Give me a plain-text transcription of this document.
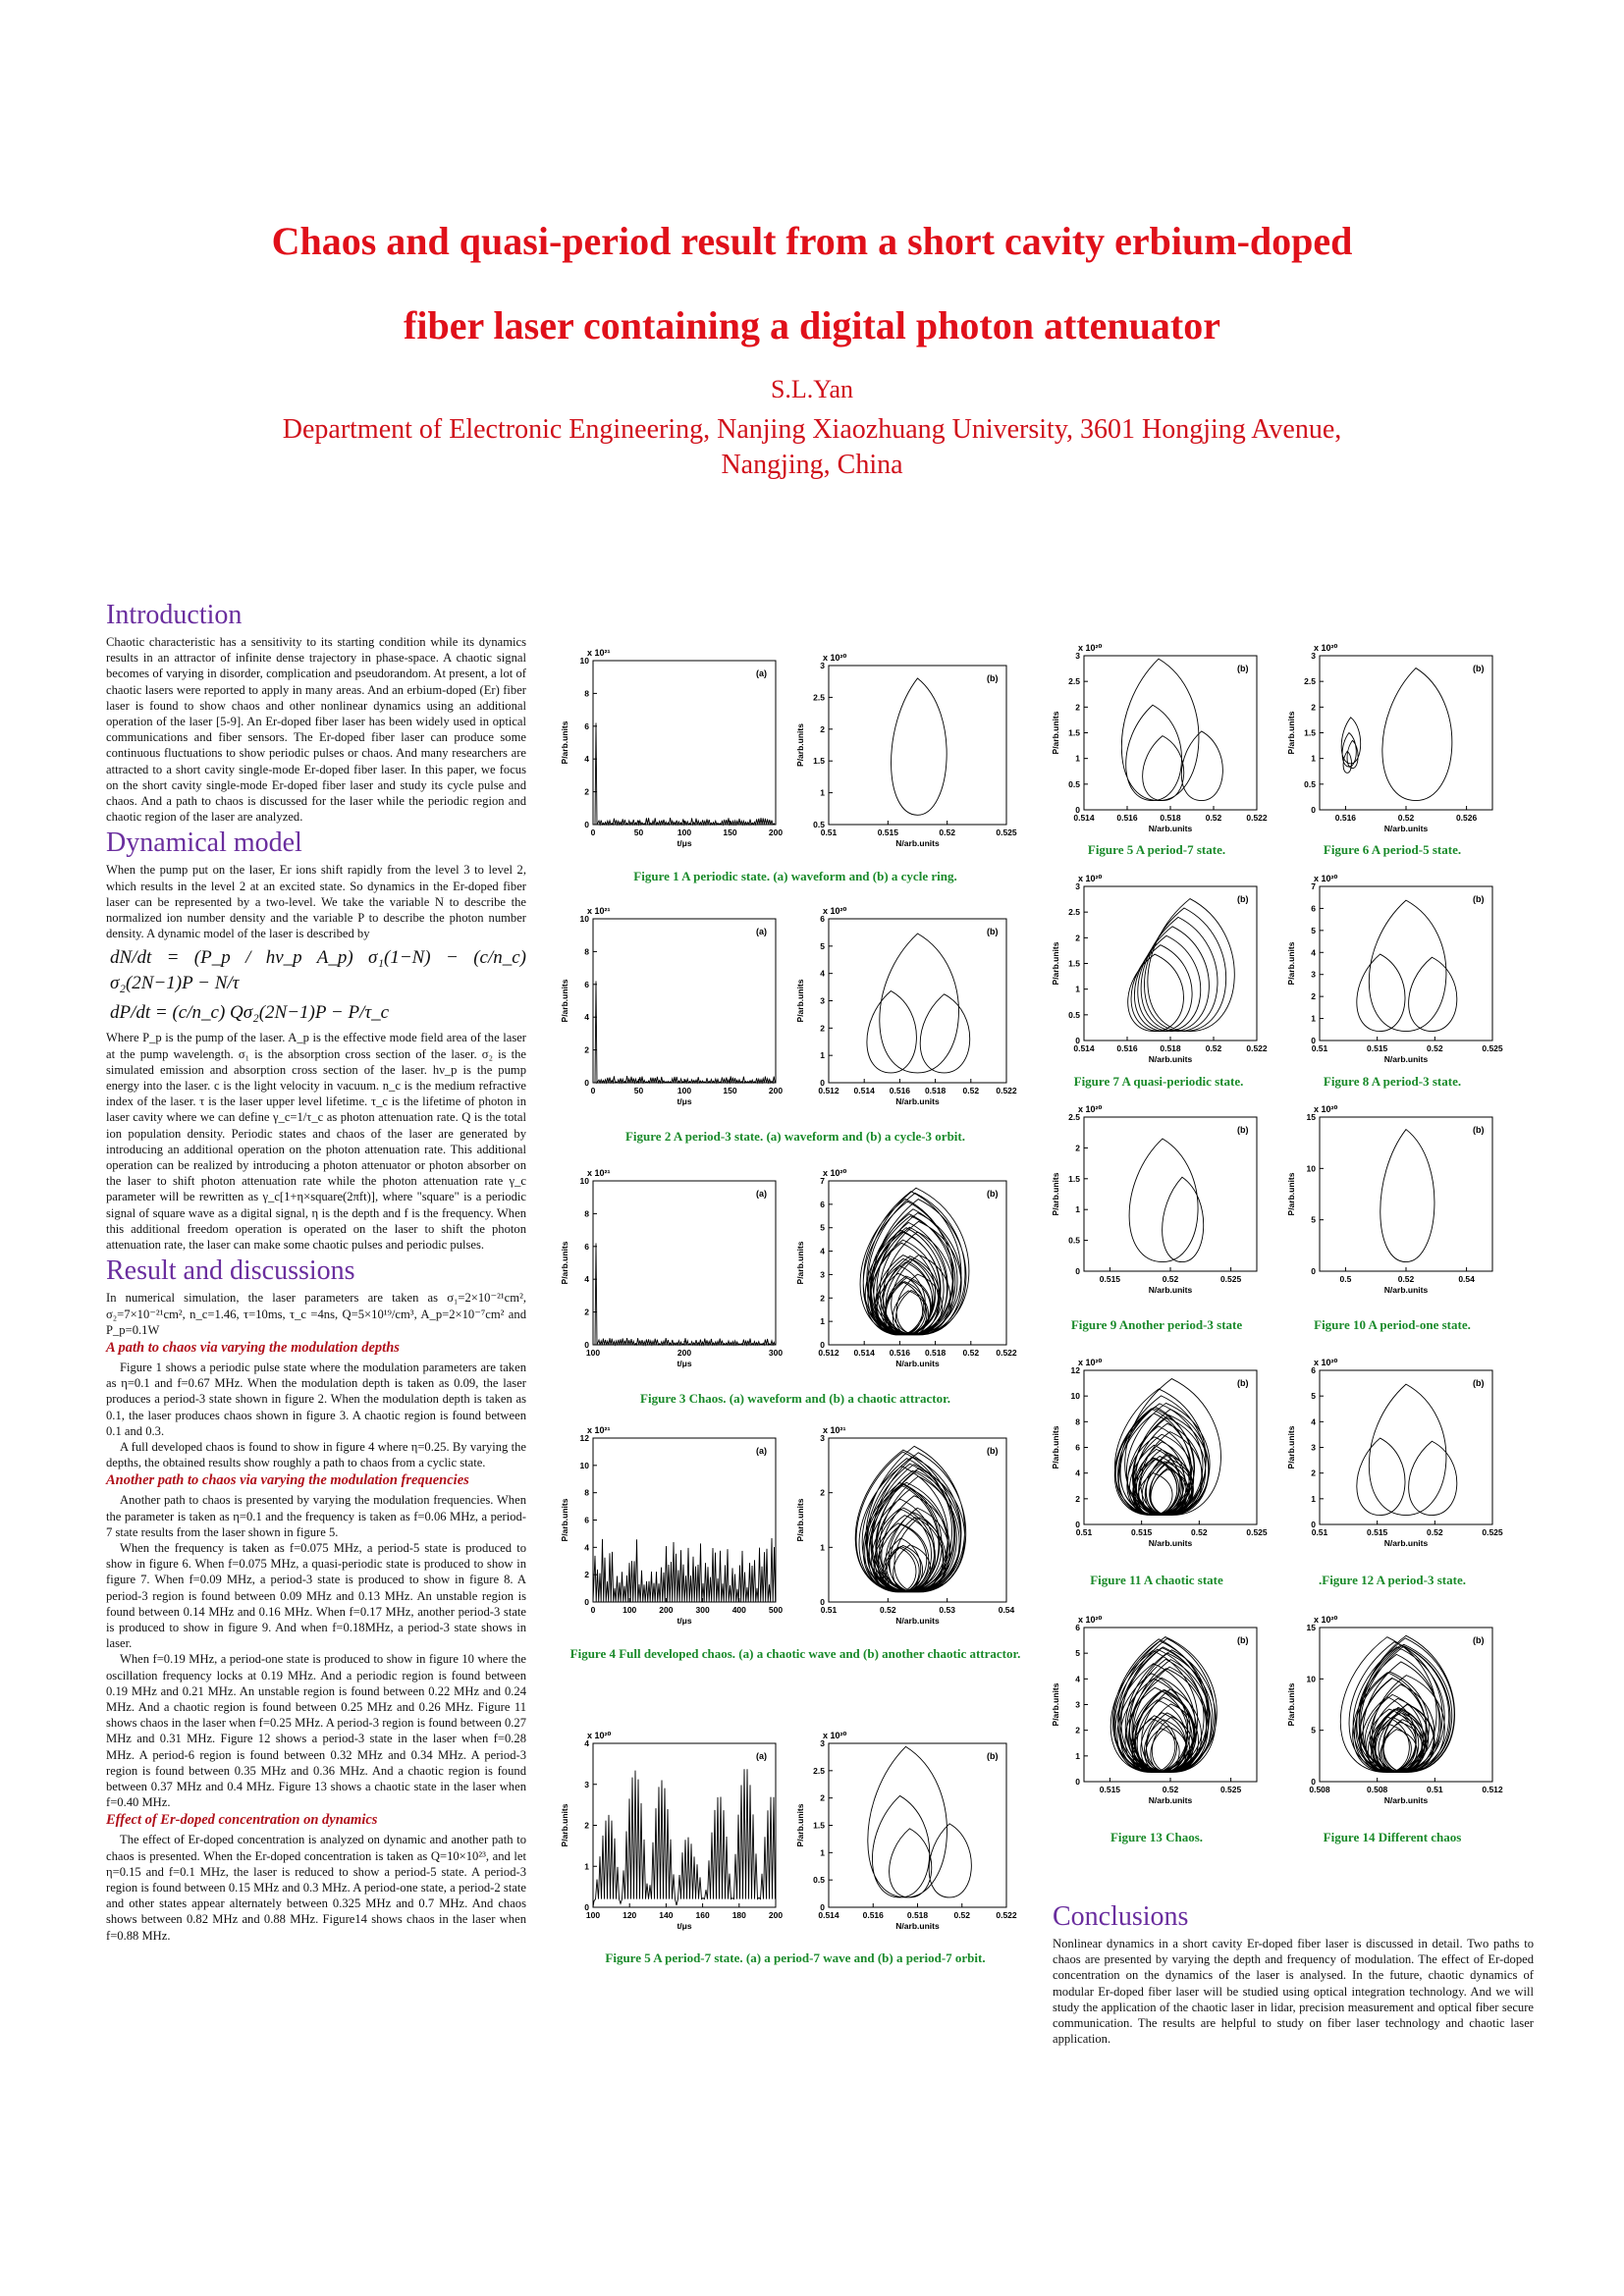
Chaos and quasi-period result from a short cavity erbium-doped
fiber laser containing a digital photon attenuator
S.L.Yan
Department of Electronic Engineering, Nanjing Xiaozhuang University, 3601 Hongjing Avenue, Nangjing, China
Introduction

Chaotic characteristic has a sensitivity to its starting condition while its dynamics results in an attractor of infinite dense trajectory in phase-space. A chaotic signal becomes of varying in disorder, complication and pseudorandom. At present, a lot of chaotic lasers were reported to apply in many areas. And an erbium-doped (Er) fiber laser is found to show chaos and other nonlinear dynamics using an additional operation of the laser [5-9]. An Er-doped fiber laser has been widely used in optical communications and fiber sensors. The Er-doped fiber laser can produce some continuous fluctuations to show periodic pulses or chaos. And many researchers are attracted to a short cavity single-mode Er-doped fiber laser. In this paper, we focus on the short cavity single-mode Er-doped fiber laser and study its cycle pulse and chaos. And a path to chaos is discussed for the laser while the periodic region and chaotic region of the laser are analyzed.

Dynamical model

When the pump put on the laser, Er ions shift rapidly from the level 3 to level 2, which results in the level 2 at an excited state. So dynamics in the Er-doped fiber laser can be represented by a two-level. We take the variable N to describe the normalized ion number density and the variable P to describe the photon number density. A dynamic model of the laser is described by

dN/dt = (P_p / hν_p A_p) σ₁(1−N) − (c/n_c) σ₂(2N−1)P − N/τ
dP/dt = (c/n_c) Qσ₂(2N−1)P − P/τ_c

Where P_p is the pump of the laser. A_p is the effective mode field area of the laser at the pump wavelength. σ₁ is the absorption cross section of the laser. σ₂ is the simulated emission and absorption cross section of the laser. hν_p is the pump energy into the laser. c is the light velocity in vacuum. n_c is the medium refractive index of the laser. τ is the laser upper level lifetime. τ_c is the lifetime of photon in laser cavity where we can define γ_c=1/τ_c as photon attenuation rate. Q is the total ion population density. Periodic states and chaos of the laser are generated by introducing an additional operation on the photon attenuation rate. This additional operation can be realized by introducing a photon attenuator or photon absorber on the laser to shift photon attenuation rate while the photon attenuation rate γ_c parameter will be rewritten as γ_c[1+η×square(2πft)], where "square" is a periodic signal of square wave as a digital signal, η is the depth and f is the frequency. When this additional freedom operation is operated on the laser to shift the photon attenuation rate, the laser can make some chaotic pulses and periodic pulses.

Result and discussions

In numerical simulation, the laser parameters are taken as σ₁=2×10⁻²¹cm², σ₂=7×10⁻²¹cm², n_c=1.46, τ=10ms, τ_c =4ns, Q=5×10¹⁹/cm³, A_p=2×10⁻⁷cm² and P_p=0.1W

A path to chaos via varying the modulation depths

Figure 1 shows a periodic pulse state where the modulation parameters are taken as η=0.1 and f=0.67 MHz. When the modulation depth is taken as 0.09, the laser produces a period-3 state shown in figure 2. When the modulation depth is taken as 0.1, the laser produces chaos shown in figure 3. A chaotic region is found between 0.1 and 0.3.

A full developed chaos is found to show in figure 4 where η=0.25. By varying the depths, the obtained results show roughly a path to chaos from a cyclic state.

Another path to chaos via varying the modulation frequencies

Another path to chaos is presented by varying the modulation frequencies. When the parameter is taken as η=0.1 and the frequency is taken as f=0.06 MHz, a period-7 state results from the laser shown in figure 5.

When the frequency is taken as f=0.075 MHz, a period-5 state is produced to show in figure 6. When f=0.075 MHz, a quasi-periodic state is produced to show in figure 7. When f=0.09 MHz, a period-3 state is produced to show in figure 8. A period-3 region is found between 0.09 MHz and 0.13 MHz. An unstable region is found between 0.14 MHz and 0.16 MHz. When f=0.17 MHz, another period-3 state is produced to show in figure 9. And when f=0.18MHz, a period-3 state shows in laser.

When f=0.19 MHz, a period-one state is produced to show in figure 10 where the oscillation frequency locks at 0.19 MHz. And a periodic region is found between 0.19 MHz and 0.21 MHz. An unstable region is found between 0.22 MHz and 0.24 MHz. And a chaotic region is found between 0.25 MHz and 0.26 MHz. Figure 11 shows chaos in the laser when f=0.25 MHz. A period-3 region is found between 0.27 MHz and 0.31 MHz. Figure 12 shows a period-3 state in the laser when f=0.28 MHz. A period-6 region is found between 0.32 MHz and 0.34 MHz. A period-3 region is found between 0.35 MHz and 0.36 MHz. And a chaotic region is found between 0.37 MHz and 0.4 MHz. Figure 13 shows a chaotic state in the laser when f=0.40 MHz.

Effect of Er-doped concentration on dynamics

The effect of Er-doped concentration is analyzed on dynamic and another path to chaos is presented. When the Er-doped concentration is taken as Q=10×10²³, and let η=0.15 and f=0.1 MHz, the laser is reduced to show a period-5 state. A period-3 region is found between 0.15 MHz and 0.3 MHz. A period-one state, a period-2 state and other states appear alternately between 0.325 MHz and 0.7 MHz. And chaos shows between 0.82 MHz and 0.88 MHz. Figure14 shows chaos in the laser when f=0.88 MHz.

x 10²¹
(a)
0	50	100	150	200
0
2
4
6
8
10
t/μs
P/arb.units
x 10²⁰
(b)
0.51	0.515	0.52	0.525
0.5
1
1.5
2
2.5
3
N/arb.units
P/arb.units
Figure 1 A periodic state. (a) waveform and (b) a cycle ring.
x 10²¹
(a)
0	50	100	150	200
0
2
4
6
8
10
t/μs
P/arb.units
x 10²⁰
(b)
0.512 0.514 0.516 0.518 0.52 0.522
0
1
2
3
4
5
6
N/arb.units
P/arb.units
Figure 2 A period-3 state. (a) waveform and (b) a cycle-3 orbit.
x 10²¹
(a)
100	200	300
0
2
4
6
8
10
t/μs
P/arb.units
x 10²⁰
(b)
0.512 0.514 0.516 0.518 0.52 0.522
0
1
2
3
4
5
6
7
N/arb.units
P/arb.units
Figure 3 Chaos. (a) waveform and (b) a chaotic attractor.
x 10²¹
(a)
0	100	200	300	400	500
0
2
4
6
8
10
12
t/μs
P/arb.units
x 10²¹
(b)
0.51	0.52	0.53	0.54
0
1
2
3
N/arb.units
P/arb.units
Figure 4 Full developed chaos. (a) a chaotic wave and (b) another chaotic attractor.
x 10²⁰
(a)
100	120	140	160	180	200
0
1
2
3
4
t/μs
P/arb.units
x 10²⁰
(b)
0.514	0.516	0.518	0.52	0.522
0
0.5
1
1.5
2
2.5
3
N/arb.units
P/arb.units
Figure 5 A period-7 state. (a) a period-7 wave and (b) a period-7 orbit.
x 10²⁰
(b)
0.514	0.516	0.518	0.52	0.522
0
0.5
1
1.5
2
2.5
3
N/arb.units
P/arb.units
x 10²⁰
(b)
0.516	0.52	0.526
0
0.5
1
1.5
2
2.5
3
N/arb.units
P/arb.units
Figure 5 A period-7 state.	Figure 6 A period-5 state.
x 10²⁰
(b)
0.514	0.516	0.518	0.52	0.522
0
0.5
1
1.5
2
2.5
3
N/arb.units
P/arb.units
x 10²⁰
(b)
0.51	0.515	0.52	0.525
0
1
2
3
4
5
6
7
N/arb.units
P/arb.units
Figure 7 A quasi-periodic state.	Figure 8 A period-3 state.
x 10²⁰
(b)
0.515	0.52	0.525
0
0.5
1
1.5
2
2.5
N/arb.units
P/arb.units
x 10²⁰
(b)
0.5	0.52	0.54
0
5
10
15
N/arb.units
P/arb.units
Figure 9 Another period-3 state	Figure 10 A period-one state.
x 10²⁰
(b)
0.51	0.515	0.52	0.525
0
2
4
6
8
10
12
N/arb.units
P/arb.units
x 10²⁰
(b)
0.51	0.515	0.52	0.525
0
1
2
3
4
5
6
N/arb.units
P/arb.units
Figure 11 A chaotic state	.Figure 12 A period-3 state.
x 10²⁰
(b)
0.515	0.52	0.525
0
1
2
3
4
5
6
N/arb.units
P/arb.units
x 10²⁰
(b)
0.508	0.508	0.51	0.512
0
5
10
15
N/arb.units
P/arb.units
Figure 13 Chaos.	Figure 14 Different chaos
Conclusions

Nonlinear dynamics in a short cavity Er-doped fiber laser is discussed in detail. Two paths to chaos are presented by varying the depth and frequency of modulation. The effect of Er-doped concentration on the dynamics of the laser is analysed. In the future, chaotic dynamics of modular Er-doped fiber laser will be studied using optical integration technology. And we will study the application of the chaotic laser in lidar, precision measurement and optical fiber secure communication. The results are helpful to study on fiber laser technology and chaotic laser application.
